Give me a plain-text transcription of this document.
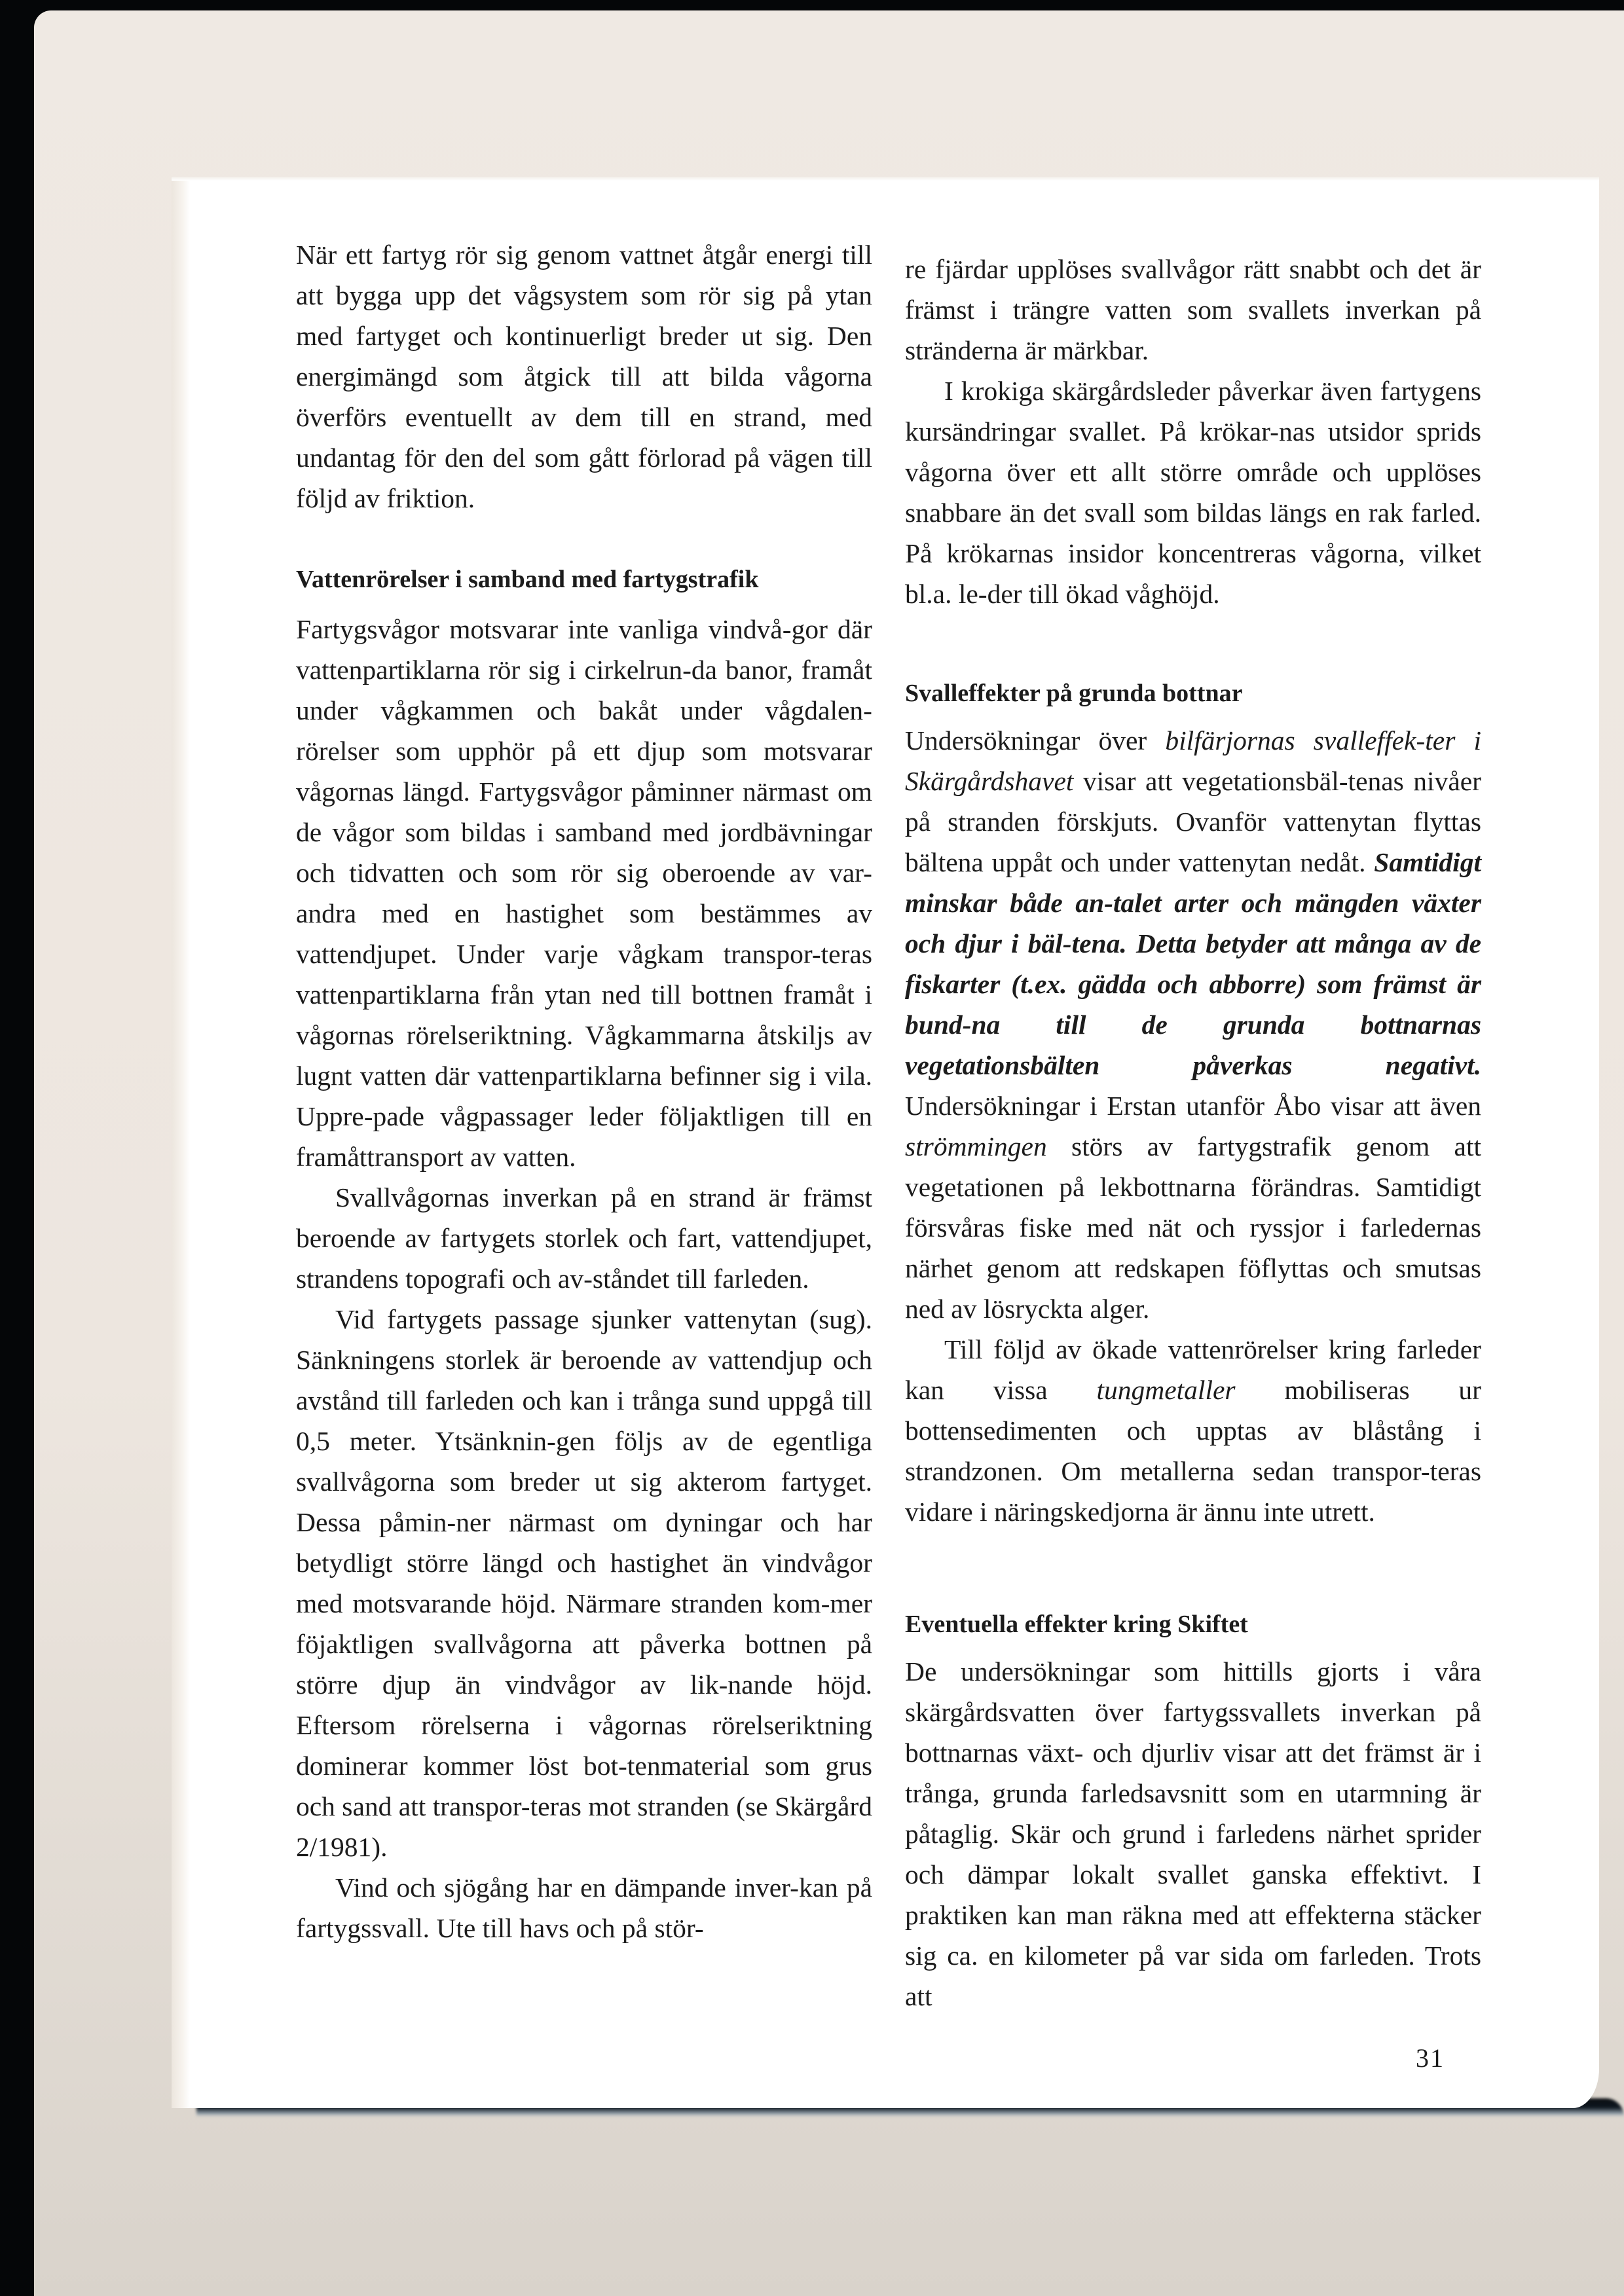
När ett fartyg rör sig genom vattnet åtgår energi till att bygga upp det vågsystem som rör sig på ytan med fartyget och kontinuerligt breder ut sig. Den energimängd som åtgick till att bilda vågorna överförs eventuellt av dem till en strand, med undantag för den del som gått förlorad på vägen till följd av friktion.

Vattenrörelser i samband med fartygstrafik

Fartygsvågor motsvarar inte vanliga vindvå-gor där vattenpartiklarna rör sig i cirkelrun-da banor, framåt under vågkammen och bakåt under vågdalen-rörelser som upphör på ett djup som motsvarar vågornas längd. Fartygsvågor påminner närmast om de vågor som bildas i samband med jordbävningar och tidvatten och som rör sig oberoende av var-andra med en hastighet som bestämmes av vattendjupet. Under varje vågkam transpor-teras vattenpartiklarna från ytan ned till bottnen framåt i vågornas rörelseriktning. Vågkammarna åtskiljs av lugnt vatten där vattenpartiklarna befinner sig i vila. Uppre-pade vågpassager leder följaktligen till en framåttransport av vatten.

Svallvågornas inverkan på en strand är främst beroende av fartygets storlek och fart, vattendjupet, strandens topografi och av-ståndet till farleden.

Vid fartygets passage sjunker vattenytan (sug). Sänkningens storlek är beroende av vattendjup och avstånd till farleden och kan i trånga sund uppgå till 0,5 meter. Ytsänknin-gen följs av de egentliga svallvågorna som breder ut sig akterom fartyget. Dessa påmin-ner närmast om dyningar och har betydligt större längd och hastighet än vindvågor med motsvarande höjd. Närmare stranden kom-mer föjaktligen svallvågorna att påverka bottnen på större djup än vindvågor av lik-nande höjd. Eftersom rörelserna i vågornas rörelseriktning dominerar kommer löst bot-tenmaterial som grus och sand att transpor-teras mot stranden (se Skärgård 2/1981).

Vind och sjögång har en dämpande inver-kan på fartygssvall. Ute till havs och på stör-

re fjärdar upplöses svallvågor rätt snabbt och det är främst i trängre vatten som svallets inverkan på stränderna är märkbar.

I krokiga skärgårdsleder påverkar även fartygens kursändringar svallet. På krökar-nas utsidor sprids vågorna över ett allt större område och upplöses snabbare än det svall som bildas längs en rak farled. På krökarnas insidor koncentreras vågorna, vilket bl.a. le-der till ökad våghöjd.

Svalleffekter på grunda bottnar

Undersökningar över bilfärjornas svalleffek-ter i Skärgårdshavet visar att vegetationsbäl-tenas nivåer på stranden förskjuts. Ovanför vattenytan flyttas bältena uppåt och under vattenytan nedåt. Samtidigt minskar både an-talet arter och mängden växter och djur i bäl-tena. Detta betyder att många av de fiskarter (t.ex. gädda och abborre) som främst är bund-na till de grunda bottnarnas vegetationsbälten påverkas negativt. Undersökningar i Erstan utanför Åbo visar att även strömmingen störs av fartygstrafik genom att vegetationen på lekbottnarna förändras. Samtidigt försvåras fiske med nät och ryssjor i farledernas närhet genom att redskapen föflyttas och smutsas ned av lösryckta alger.

Till följd av ökade vattenrörelser kring farleder kan vissa tungmetaller mobiliseras ur bottensedimenten och upptas av blåstång i strandzonen. Om metallerna sedan transpor-teras vidare i näringskedjorna är ännu inte utrett.

Eventuella effekter kring Skiftet

De undersökningar som hittills gjorts i våra skärgårdsvatten över fartygssvallets inverkan på bottnarnas växt- och djurliv visar att det främst är i trånga, grunda farledsavsnitt som en utarmning är påtaglig. Skär och grund i farledens närhet sprider och dämpar lokalt svallet ganska effektivt. I praktiken kan man räkna med att effekterna stäcker sig ca. en kilometer på var sida om farleden. Trots att

31
